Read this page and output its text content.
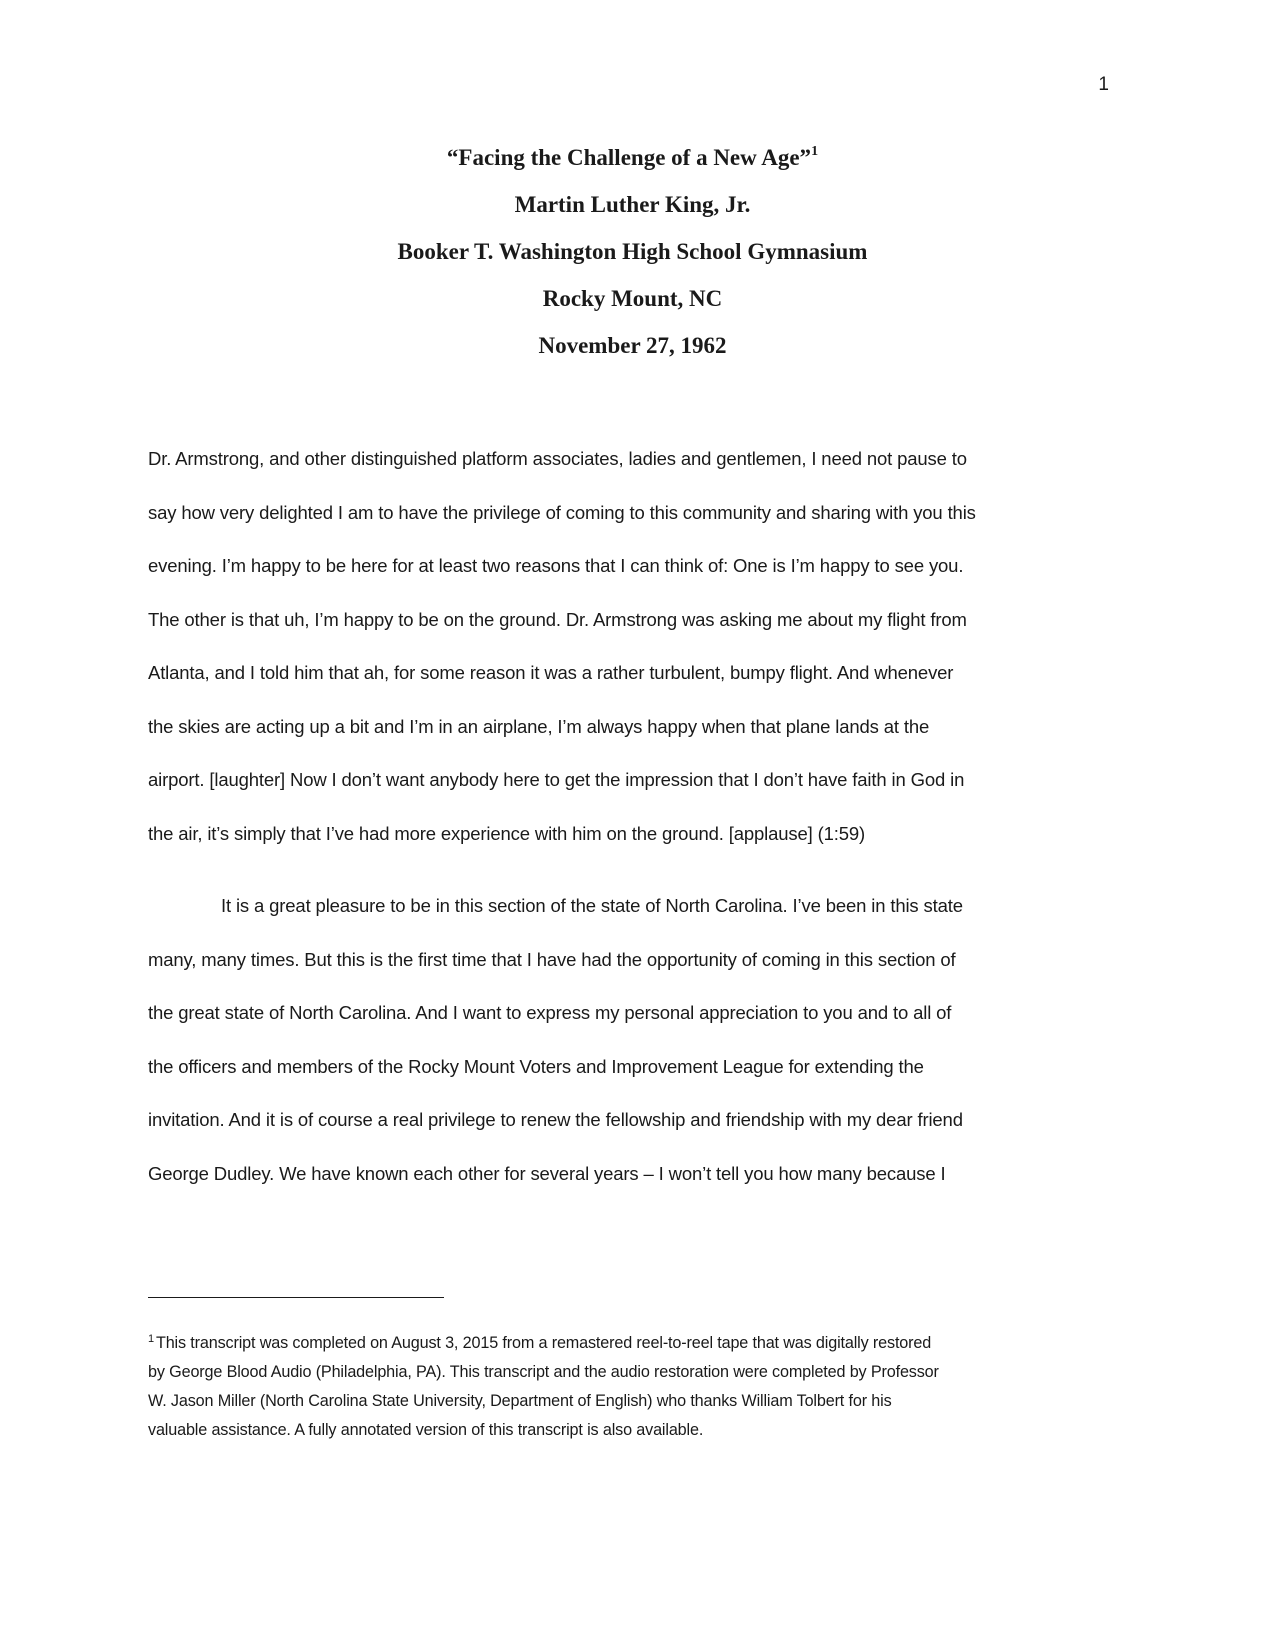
1
“Facing the Challenge of a New Age”$^1$
Martin Luther King, Jr.
Booker T. Washington High School Gymnasium
Rocky Mount, NC
November 27, 1962
Dr. Armstrong, and other distinguished platform associates, ladies and gentlemen, I need not pause to
say how very delighted I am to have the privilege of coming to this community and sharing with you this
evening. I’m happy to be here for at least two reasons that I can think of: One is I’m happy to see you.
The other is that uh, I’m happy to be on the ground. Dr. Armstrong was asking me about my flight from
Atlanta, and I told him that ah, for some reason it was a rather turbulent, bumpy flight. And whenever
the skies are acting up a bit and I’m in an airplane, I’m always happy when that plane lands at the
airport. [laughter] Now I don’t want anybody here to get the impression that I don’t have faith in God in
the air, it’s simply that I’ve had more experience with him on the ground. [applause] (1:59)
It is a great pleasure to be in this section of the state of North Carolina. I’ve been in this state
many, many times. But this is the first time that I have had the opportunity of coming in this section of
the great state of North Carolina. And I want to express my personal appreciation to you and to all of
the officers and members of the Rocky Mount Voters and Improvement League for extending the
invitation. And it is of course a real privilege to renew the fellowship and friendship with my dear friend
George Dudley. We have known each other for several years – I won’t tell you how many because I
$^1$ This transcript was completed on August 3, 2015 from a remastered reel-to-reel tape that was digitally restored
by George Blood Audio (Philadelphia, PA). This transcript and the audio restoration were completed by Professor
W. Jason Miller (North Carolina State University, Department of English) who thanks William Tolbert for his
valuable assistance. A fully annotated version of this transcript is also available.
